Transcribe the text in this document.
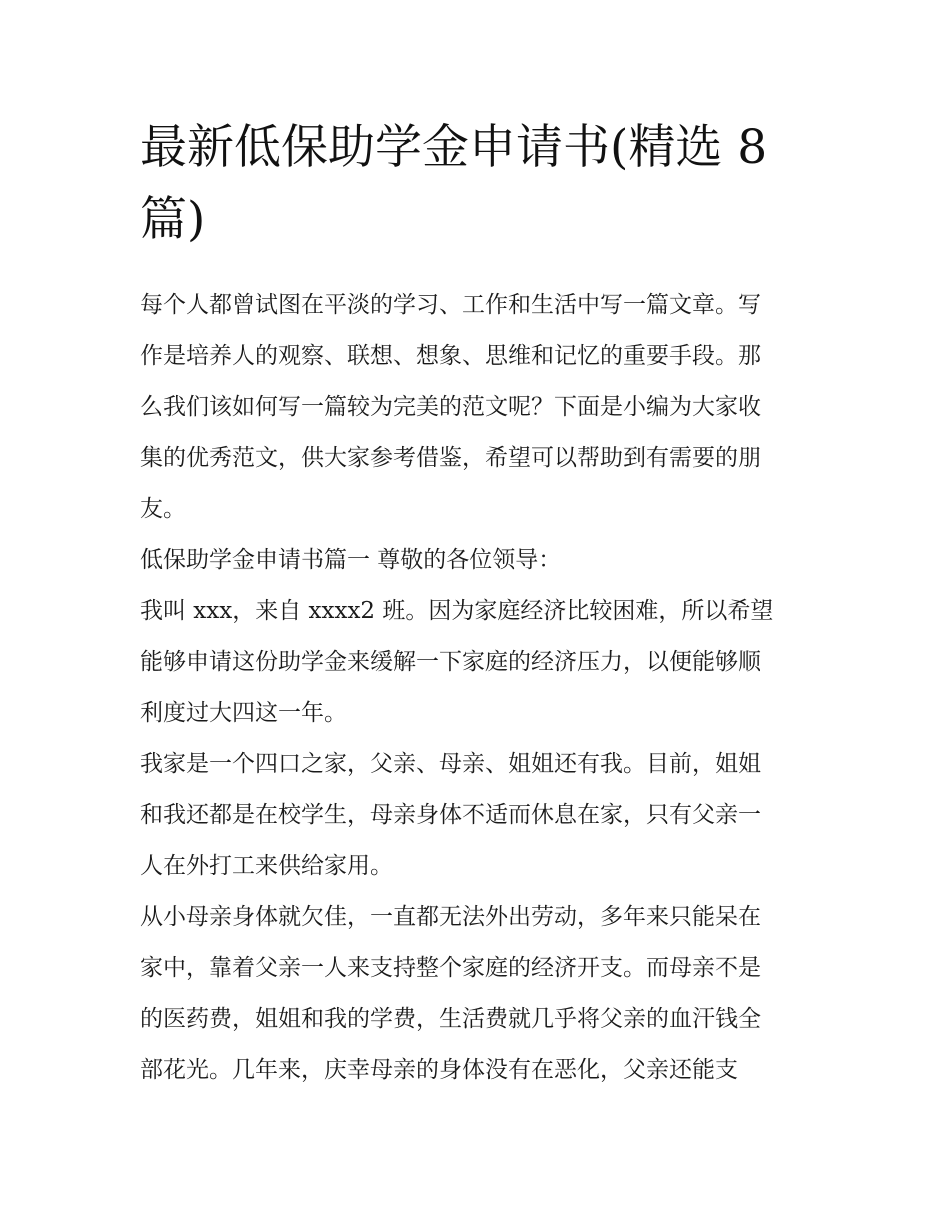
最新低保助学金申请书(精选 8
篇)
每个人都曾试图在平淡的学习、工作和生活中写一篇文章。写
作是培养人的观察、联想、想象、思维和记忆的重要手段。那
么我们该如何写一篇较为完美的范文呢？下面是小编为大家收
集的优秀范文，供大家参考借鉴，希望可以帮助到有需要的朋
友。
低保助学金申请书篇一 尊敬的各位领导：
我叫 xxx，来自 xxxx2 班。因为家庭经济比较困难，所以希望
能够申请这份助学金来缓解一下家庭的经济压力，以便能够顺
利度过大四这一年。
我家是一个四口之家，父亲、母亲、姐姐还有我。目前，姐姐
和我还都是在校学生，母亲身体不适而休息在家，只有父亲一
人在外打工来供给家用。
从小母亲身体就欠佳，一直都无法外出劳动，多年来只能呆在
家中，靠着父亲一人来支持整个家庭的经济开支。而母亲不是
的医药费，姐姐和我的学费，生活费就几乎将父亲的血汗钱全
部花光。几年来，庆幸母亲的身体没有在恶化，父亲还能支
